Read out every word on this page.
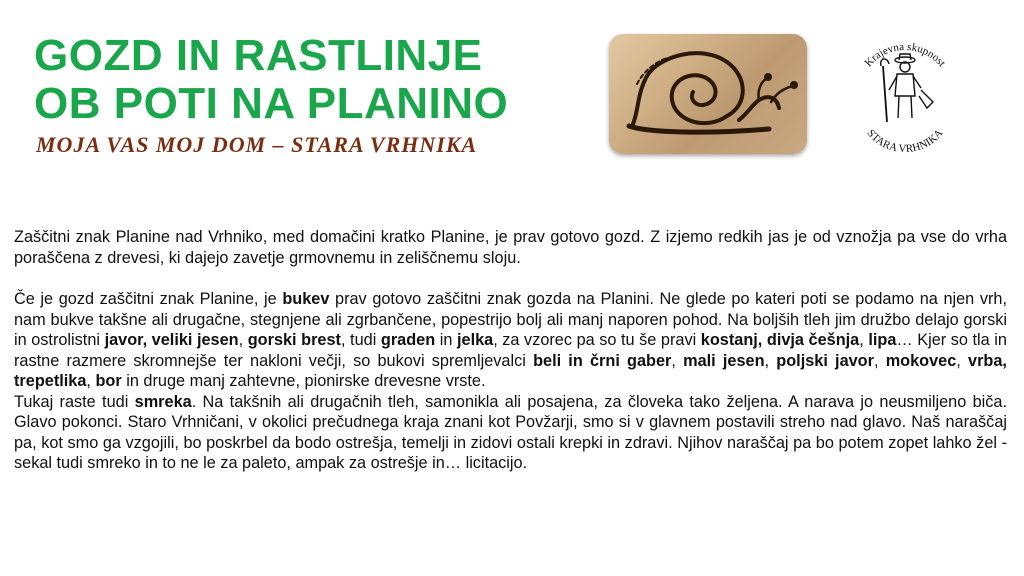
GOZD IN RASTLINJE
OB POTI NA PLANINO
MOJA VAS MOJ DOM – STARA VRHNIKA
Krajevna skupnost
STARA VRHNIKA

Zaščitni znak Planine nad Vrhniko, med domačini kratko Planine, je prav gotovo gozd. Z izjemo redkih jas je od vznožja pa vse do vrha poraščena z drevesi, ki dajejo zavetje grmovnemu in zeliščnemu sloju.

Če je gozd zaščitni znak Planine, je bukev prav gotovo zaščitni znak gozda na Planini. Ne glede po kateri poti se podamo na njen vrh, nam bukve takšne ali drugačne, stegnjene ali zgrbančene, popestrijo bolj ali manj naporen pohod. Na boljših tleh jim družbo delajo gorski in ostrolistni javor, veliki jesen, gorski brest, tudi graden in jelka, za vzorec pa so tu še pravi kostanj, divja češnja, lipa… Kjer so tla in rastne razmere skromnejše ter nakloni večji, so bukovi spremljevalci beli in črni gaber, mali jesen, poljski javor, mokovec, vrba, trepetlika, bor in druge manj zahtevne, pionirske drevesne vrste.

Tukaj raste tudi smreka. Na takšnih ali drugačnih tleh, samonikla ali posajena, za človeka tako željena. A narava jo neusmiljeno biča. Glavo pokonci. Staro Vrhničani, v okolici prečudnega kraja znani kot Povžarji, smo si v glavnem postavili streho nad glavo. Naš naraščaj pa, kot smo ga vzgojili, bo poskrbel da bodo ostrešja, temelji in zidovi ostali krepki in zdravi. Njihov naraščaj pa bo potem zopet lahko žel - sekal tudi smreko in to ne le za paleto, ampak za ostrešje in… licitacijo.
